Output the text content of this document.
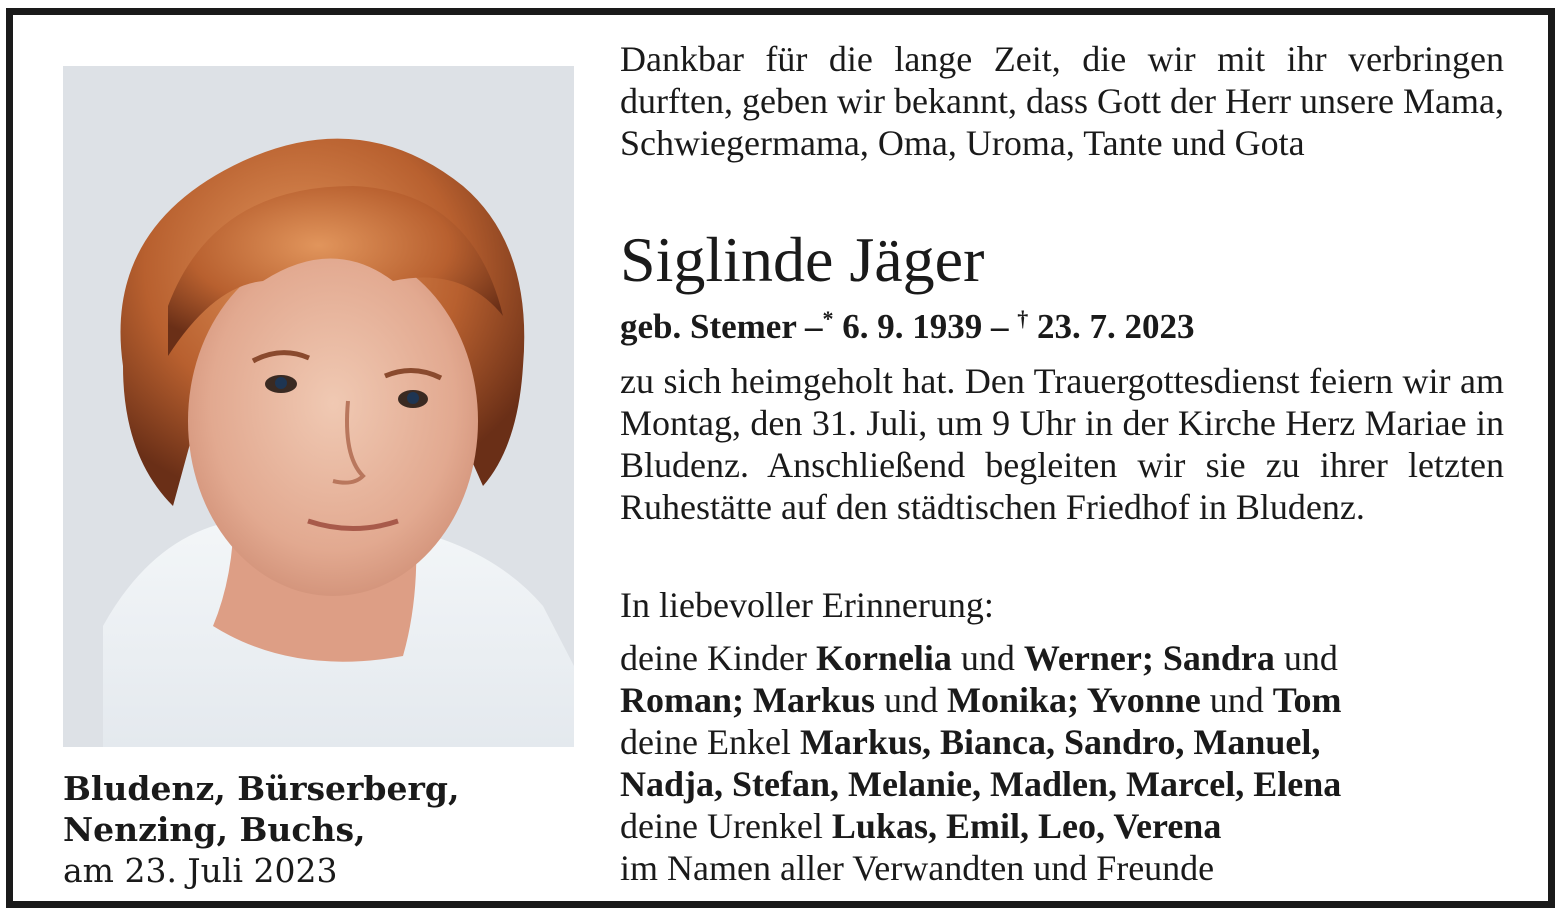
Bludenz, Bürserberg,
Nenzing, Buchs,
am 23. Juli 2023
Dankbar für die lange Zeit, die wir mit ihr verbringen durften, geben wir bekannt, dass Gott der Herr unsere Mama, Schwiegermama, Oma, Uroma, Tante und Gota
Siglinde Jäger
geb. Stemer –* 6. 9. 1939 – † 23. 7. 2023
zu sich heimgeholt hat. Den Trauergottesdienst feiern wir am Montag, den 31. Juli, um 9 Uhr in der Kirche Herz Mariae in Bludenz. Anschließend begleiten wir sie zu ihrer letzten Ruhestätte auf den städtischen Friedhof in Bludenz.
In liebevoller Erinnerung:
deine Kinder Kornelia und Werner; Sandra und
Roman; Markus und Monika; Yvonne und Tom
deine Enkel Markus, Bianca, Sandro, Manuel,
Nadja, Stefan, Melanie, Madlen, Marcel, Elena
deine Urenkel Lukas, Emil, Leo, Verena
im Namen aller Verwandten und Freunde
